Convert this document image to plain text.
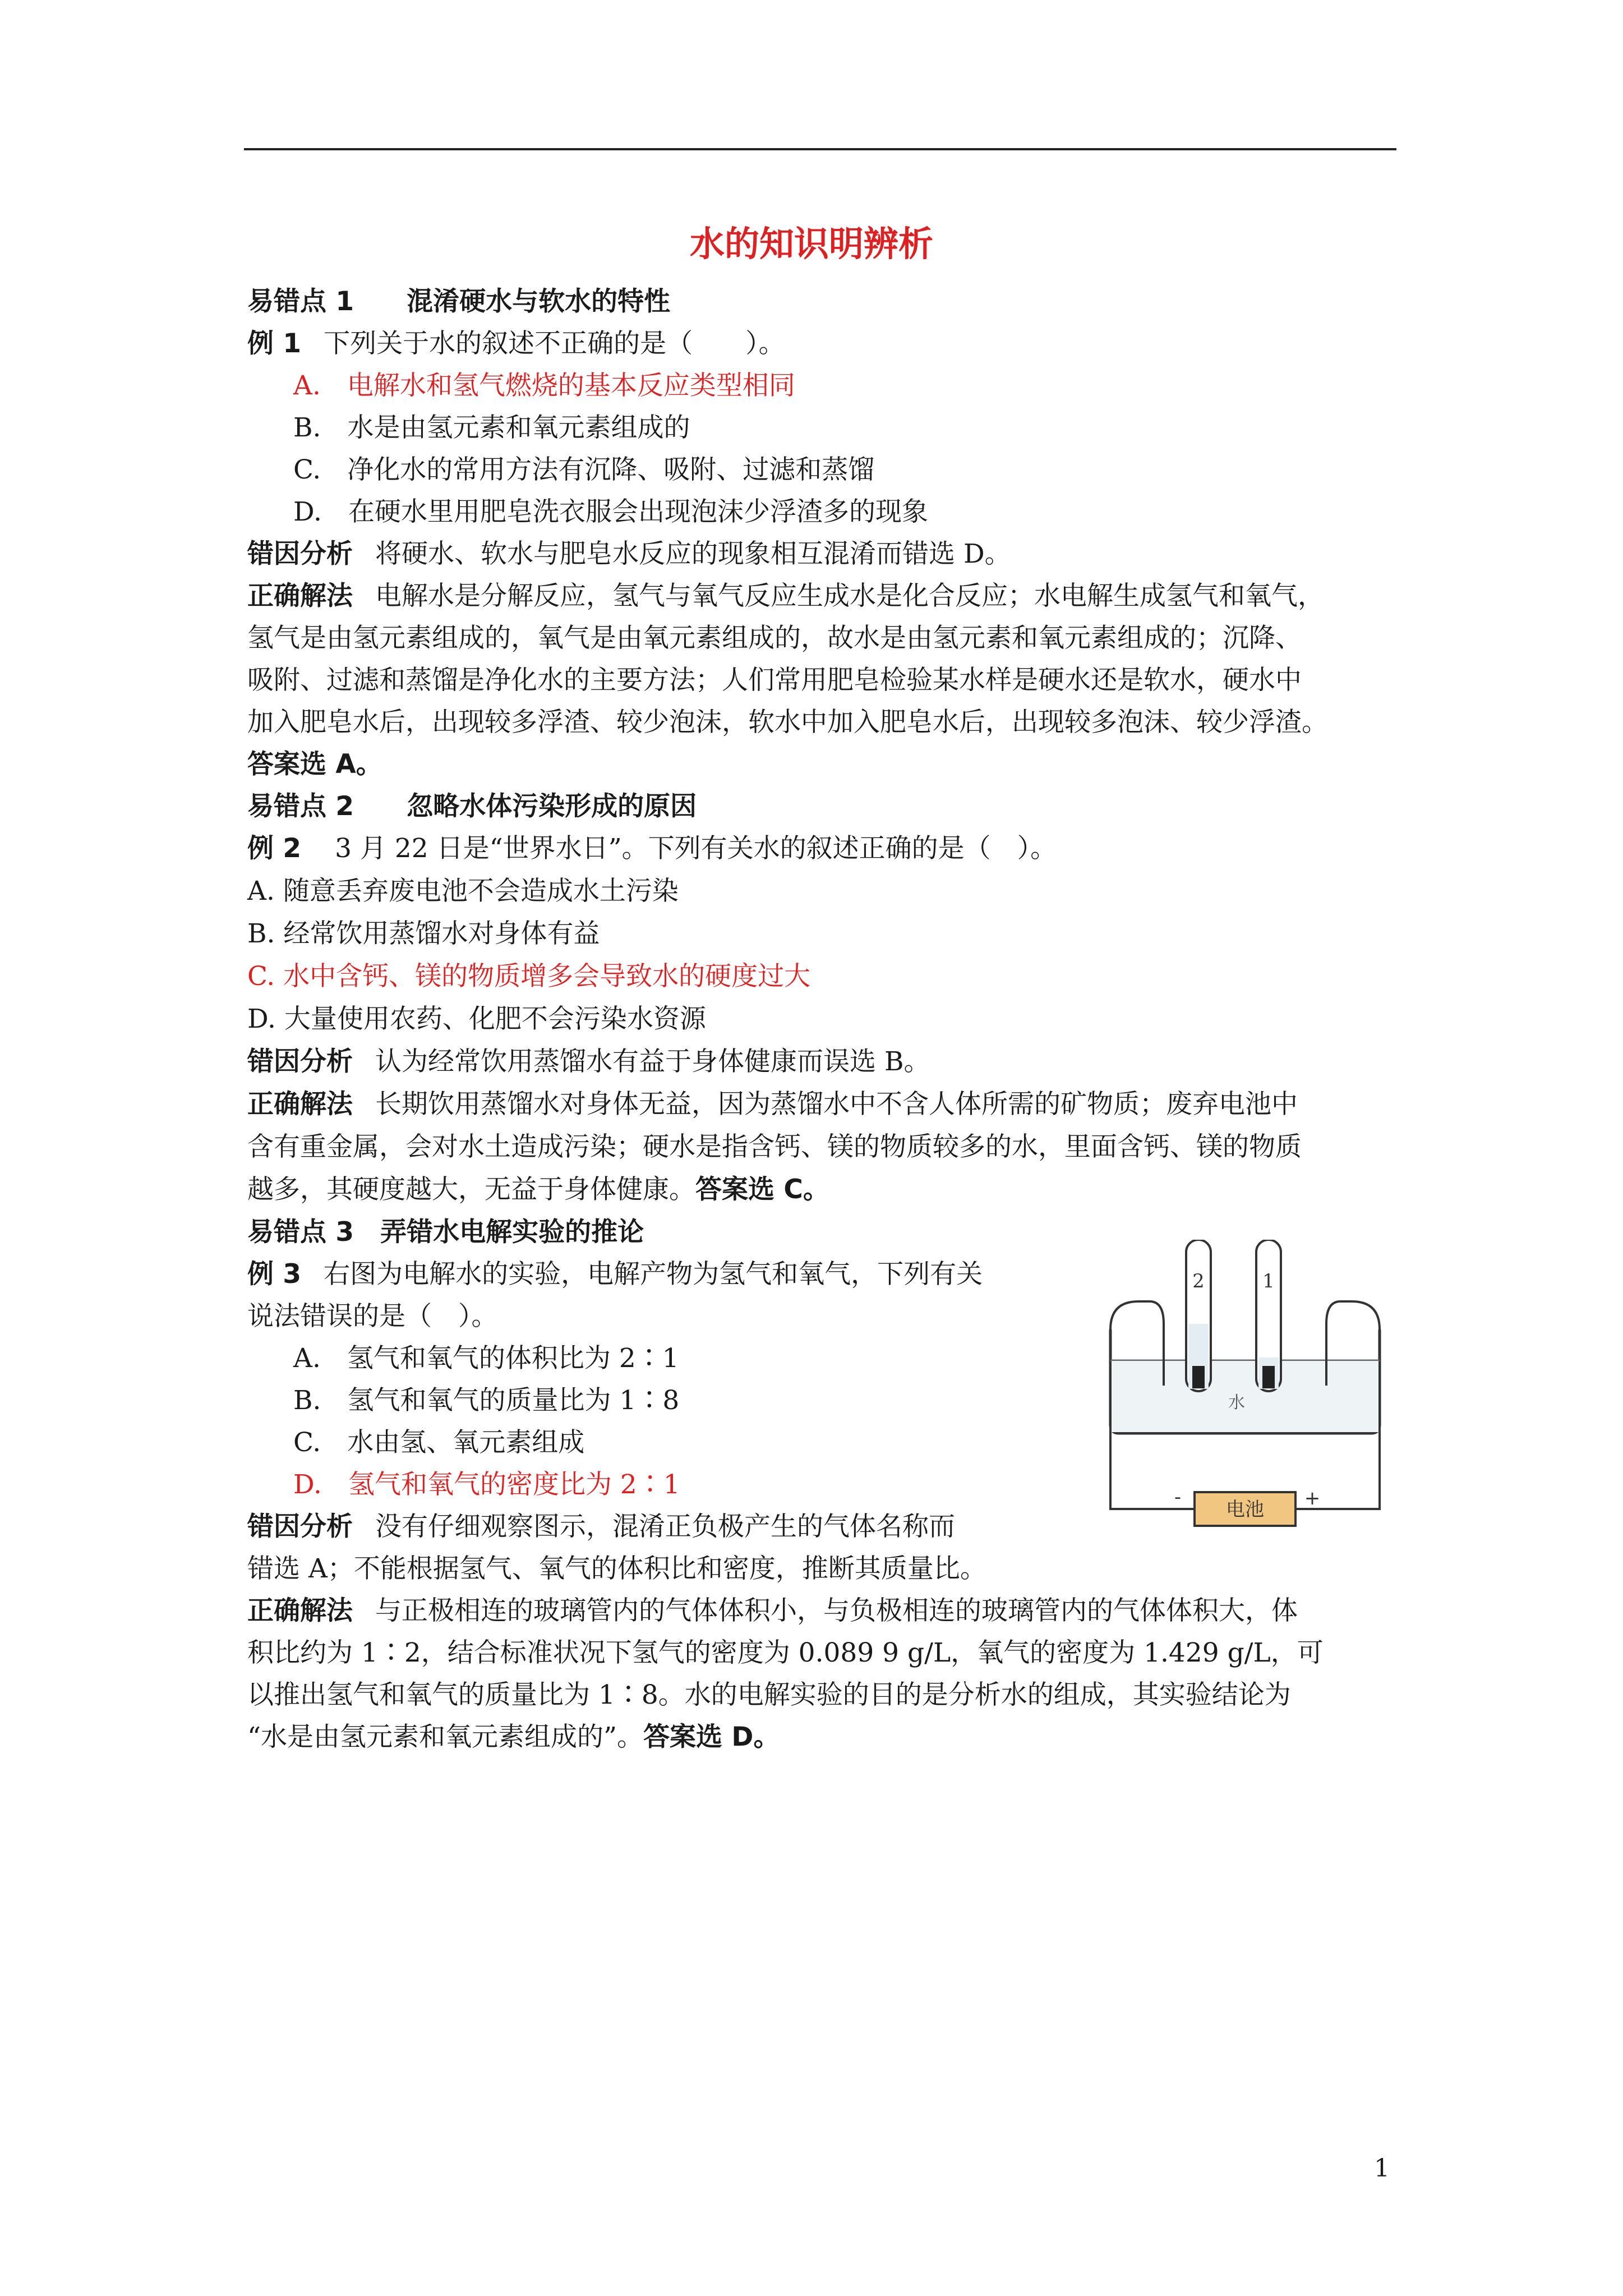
水的知识明辨析
易错点 1　　混淆硬水与软水的特性
例 1 下列关于水的叙述不正确的是（　　）。
A.　电解水和氢气燃烧的基本反应类型相同
B.　水是由氢元素和氧元素组成的
C.　净化水的常用方法有沉降、吸附、过滤和蒸馏
D.　在硬水里用肥皂洗衣服会出现泡沫少浮渣多的现象
错因分析 将硬水、软水与肥皂水反应的现象相互混淆而错选 D。
正确解法 电解水是分解反应，氢气与氧气反应生成水是化合反应；水电解生成氢气和氧气，
氢气是由氢元素组成的，氧气是由氧元素组成的，故水是由氢元素和氧元素组成的；沉降、
吸附、过滤和蒸馏是净化水的主要方法；人们常用肥皂检验某水样是硬水还是软水，硬水中
加入肥皂水后，出现较多浮渣、较少泡沫，软水中加入肥皂水后，出现较多泡沫、较少浮渣。
答案选 A。
易错点 2　　忽略水体污染形成的原因
例 2 3 月 22 日是“世界水日”。下列有关水的叙述正确的是（　）。
A. 随意丢弃废电池不会造成水土污染
B. 经常饮用蒸馏水对身体有益
C. 水中含钙、镁的物质增多会导致水的硬度过大
D. 大量使用农药、化肥不会污染水资源
错因分析 认为经常饮用蒸馏水有益于身体健康而误选 B。
正确解法 长期饮用蒸馏水对身体无益，因为蒸馏水中不含人体所需的矿物质；废弃电池中
含有重金属，会对水土造成污染；硬水是指含钙、镁的物质较多的水，里面含钙、镁的物质
越多，其硬度越大，无益于身体健康。答案选 C。
易错点 3　弄错水电解实验的推论
例 3 右图为电解水的实验，电解产物为氢气和氧气，下列有关
说法错误的是（　）。
A.　氢气和氧气的体积比为 2∶1
B.　氢气和氧气的质量比为 1∶8
C.　水由氢、氧元素组成
D.　氢气和氧气的密度比为 2∶1
错因分析 没有仔细观察图示，混淆正负极产生的气体名称而
错选 A；不能根据氢气、氧气的体积比和密度，推断其质量比。
正确解法 与正极相连的玻璃管内的气体体积小，与负极相连的玻璃管内的气体体积大，体
积比约为 1∶2，结合标准状况下氢气的密度为 0.089 9 g/L，氧气的密度为 1.429 g/L，可
以推出氢气和氧气的质量比为 1∶8。水的电解实验的目的是分析水的组成，其实验结论为
“水是由氢元素和氧元素组成的”。答案选 D。
2	1
水
电池
-	+
1
